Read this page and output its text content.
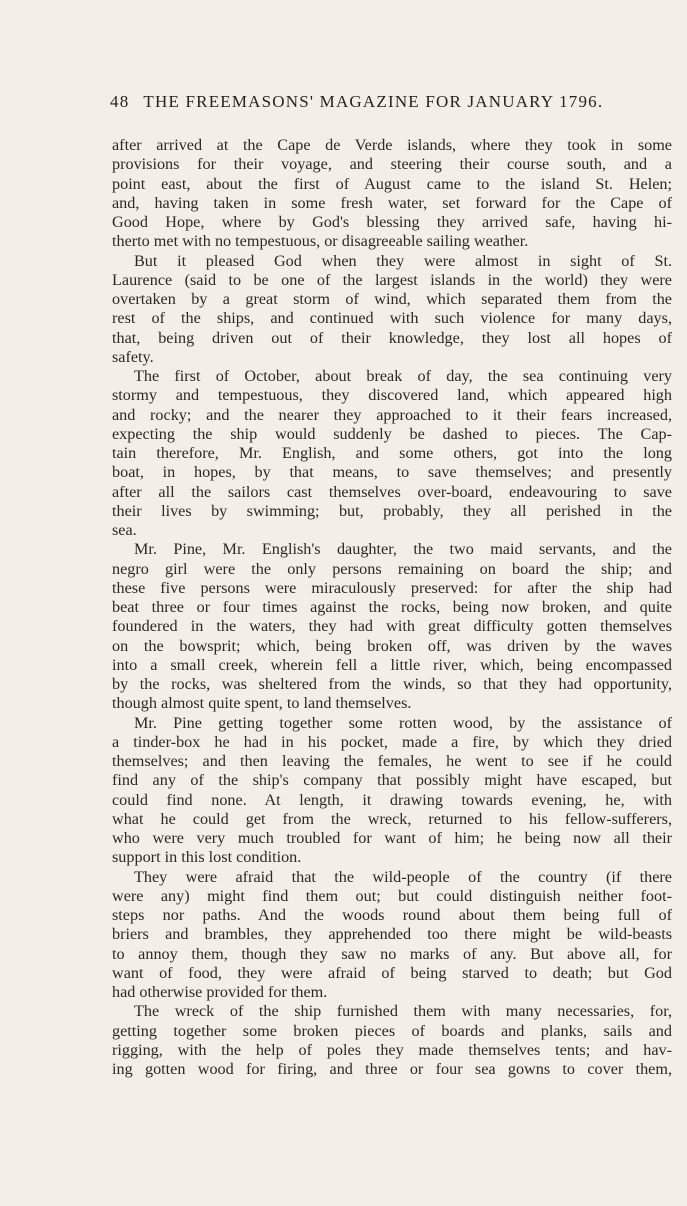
48 THE FREEMASONS' MAGAZINE FOR JANUARY 1796.

after arrived at the Cape de Verde islands, where they took in some
provisions for their voyage, and steering their course south, and a
point east, about the first of August came to the island St. Helen;
and, having taken in some fresh water, set forward for the Cape of
Good Hope, where by God's blessing they arrived safe, having hi-
therto met with no tempestuous, or disagreeable sailing weather.

But it pleased God when they were almost in sight of St.
Laurence (said to be one of the largest islands in the world) they were
overtaken by a great storm of wind, which separated them from the
rest of the ships, and continued with such violence for many days,
that, being driven out of their knowledge, they lost all hopes of
safety.

The first of October, about break of day, the sea continuing very
stormy and tempestuous, they discovered land, which appeared high
and rocky; and the nearer they approached to it their fears increased,
expecting the ship would suddenly be dashed to pieces. The Cap-
tain therefore, Mr. English, and some others, got into the long
boat, in hopes, by that means, to save themselves; and presently
after all the sailors cast themselves over-board, endeavouring to save
their lives by swimming; but, probably, they all perished in the
sea.

Mr. Pine, Mr. English's daughter, the two maid servants, and the
negro girl were the only persons remaining on board the ship; and
these five persons were miraculously preserved: for after the ship had
beat three or four times against the rocks, being now broken, and quite
foundered in the waters, they had with great difficulty gotten themselves
on the bowsprit; which, being broken off, was driven by the waves
into a small creek, wherein fell a little river, which, being encompassed
by the rocks, was sheltered from the winds, so that they had opportunity,
though almost quite spent, to land themselves.

Mr. Pine getting together some rotten wood, by the assistance of
a tinder-box he had in his pocket, made a fire, by which they dried
themselves; and then leaving the females, he went to see if he could
find any of the ship's company that possibly might have escaped, but
could find none. At length, it drawing towards evening, he, with
what he could get from the wreck, returned to his fellow-sufferers,
who were very much troubled for want of him; he being now all their
support in this lost condition.

They were afraid that the wild-people of the country (if there
were any) might find them out; but could distinguish neither foot-
steps nor paths. And the woods round about them being full of
briers and brambles, they apprehended too there might be wild-beasts
to annoy them, though they saw no marks of any. But above all, for
want of food, they were afraid of being starved to death; but God
had otherwise provided for them.

The wreck of the ship furnished them with many necessaries, for,
getting together some broken pieces of boards and planks, sails and
rigging, with the help of poles they made themselves tents; and hav-
ing gotten wood for firing, and three or four sea gowns to cover them,
